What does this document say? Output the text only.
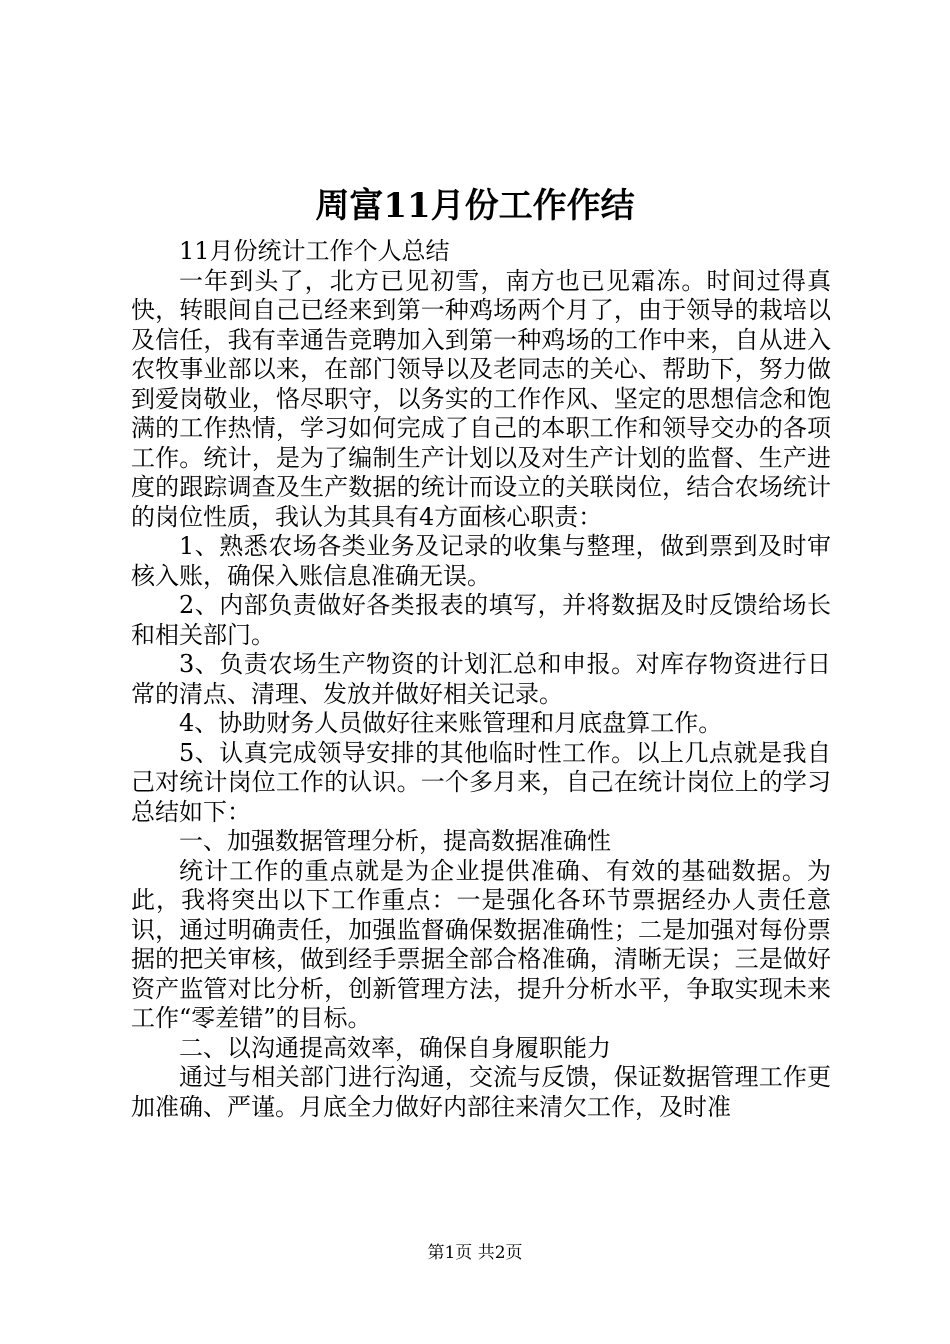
周富11月份工作作结

11月份统计工作个人总结

一年到头了，北方已见初雪，南方也已见霜冻。时间过得真快，转眼间自己已经来到第一种鸡场两个月了，由于领导的栽培以及信任，我有幸通告竞聘加入到第一种鸡场的工作中来，自从进入农牧事业部以来，在部门领导以及老同志的关心、帮助下，努力做到爱岗敬业，恪尽职守，以务实的工作作风、坚定的思想信念和饱满的工作热情，学习如何完成了自己的本职工作和领导交办的各项工作。统计，是为了编制生产计划以及对生产计划的监督、生产进度的跟踪调查及生产数据的统计而设立的关联岗位，结合农场统计的岗位性质，我认为其具有4方面核心职责：

1、熟悉农场各类业务及记录的收集与整理，做到票到及时审核入账，确保入账信息准确无误。

2、内部负责做好各类报表的填写，并将数据及时反馈给场长和相关部门。

3、负责农场生产物资的计划汇总和申报。对库存物资进行日常的清点、清理、发放并做好相关记录。

4、协助财务人员做好往来账管理和月底盘算工作。

5、认真完成领导安排的其他临时性工作。以上几点就是我自己对统计岗位工作的认识。一个多月来，自己在统计岗位上的学习总结如下：

一、加强数据管理分析，提高数据准确性

统计工作的重点就是为企业提供准确、有效的基础数据。为此，我将突出以下工作重点：一是强化各环节票据经办人责任意识，通过明确责任，加强监督确保数据准确性；二是加强对每份票据的把关审核，做到经手票据全部合格准确，清晰无误；三是做好资产监管对比分析，创新管理方法，提升分析水平，争取实现未来工作“零差错”的目标。

二、以沟通提高效率，确保自身履职能力

通过与相关部门进行沟通，交流与反馈，保证数据管理工作更加准确、严谨。月底全力做好内部往来清欠工作，及时准

第1页 共2页
